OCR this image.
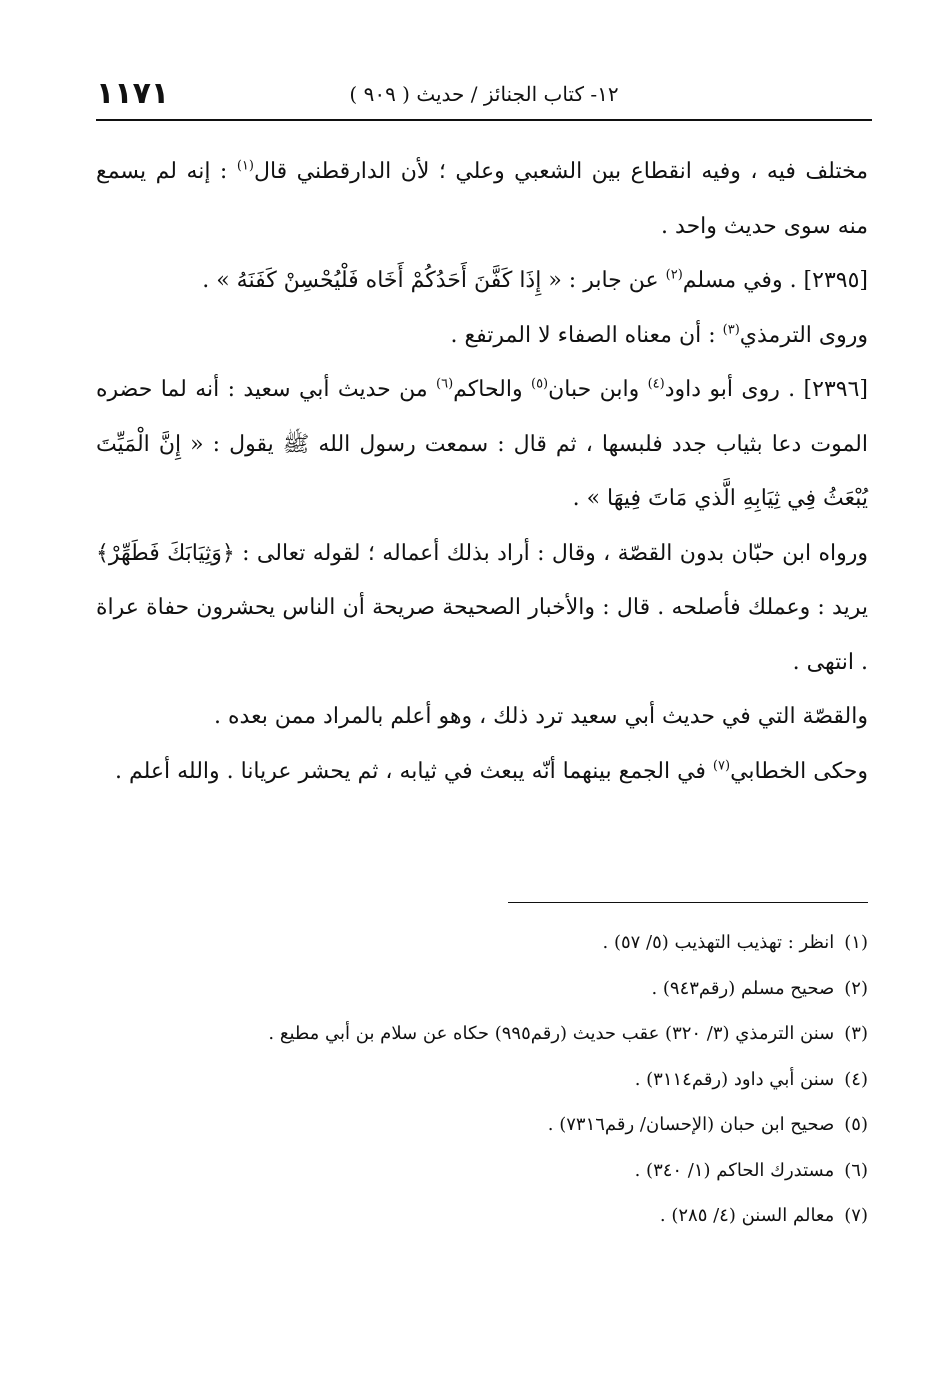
١١٧١	١٢- كتاب الجنائز / حديث ( ٩٠٩ )

مختلف فيه ، وفيه انقطاع بين الشعبي وعلي ؛ لأن الدارقطني قال$^{(١)}$ : إنه لم يسمع منه سوى حديث واحد .

[٢٣٩٥] . وفي مسلم$^{(٢)}$ عن جابر : « إِذَا كَفَّنَ أَحَدُكُمْ أَخَاه فَلْيُحْسِنْ كَفَنَهُ » .

وروى الترمذي$^{(٣)}$ : أن معناه الصفاء لا المرتفع .

[٢٣٩٦] . روى أبو داود$^{(٤)}$ وابن حبان$^{(٥)}$ والحاكم$^{(٦)}$ من حديث أبي سعيد : أنه لما حضره الموت دعا بثياب جدد فلبسها ، ثم قال : سمعت رسول الله ﷺ يقول : « إِنَّ الْمَيِّتَ يُبْعَثُ فِي ثِيَابِهِ الَّذي مَاتَ فِيهَا » .

ورواه ابن حبّان بدون القصّة ، وقال : أراد بذلك أعماله ؛ لقوله تعالى : ﴿وَثِيَابَكَ فَطَهِّرْ﴾ يريد : وعملك فأصلحه . قال : والأخبار الصحيحة صريحة أن الناس يحشرون حفاة عراة . انتهى .

والقصّة التي في حديث أبي سعيد ترد ذلك ، وهو أعلم بالمراد ممن بعده .

وحكى الخطابي$^{(٧)}$ في الجمع بينهما أنّه يبعث في ثيابه ، ثم يحشر عريانا . والله أعلم .

(١)انظر : تهذيب التهذيب (٥/ ٥٧) .
(٢)صحيح مسلم (رقم٩٤٣) .
(٣)سنن الترمذي (٣/ ٣٢٠) عقب حديث (رقم٩٩٥) حكاه عن سلام بن أبي مطيع .
(٤)سنن أبي داود (رقم٣١١٤) .
(٥)صحيح ابن حبان (الإحسان/ رقم٧٣١٦) .
(٦)مستدرك الحاكم (١/ ٣٤٠) .
(٧)معالم السنن (٤/ ٢٨٥) .
